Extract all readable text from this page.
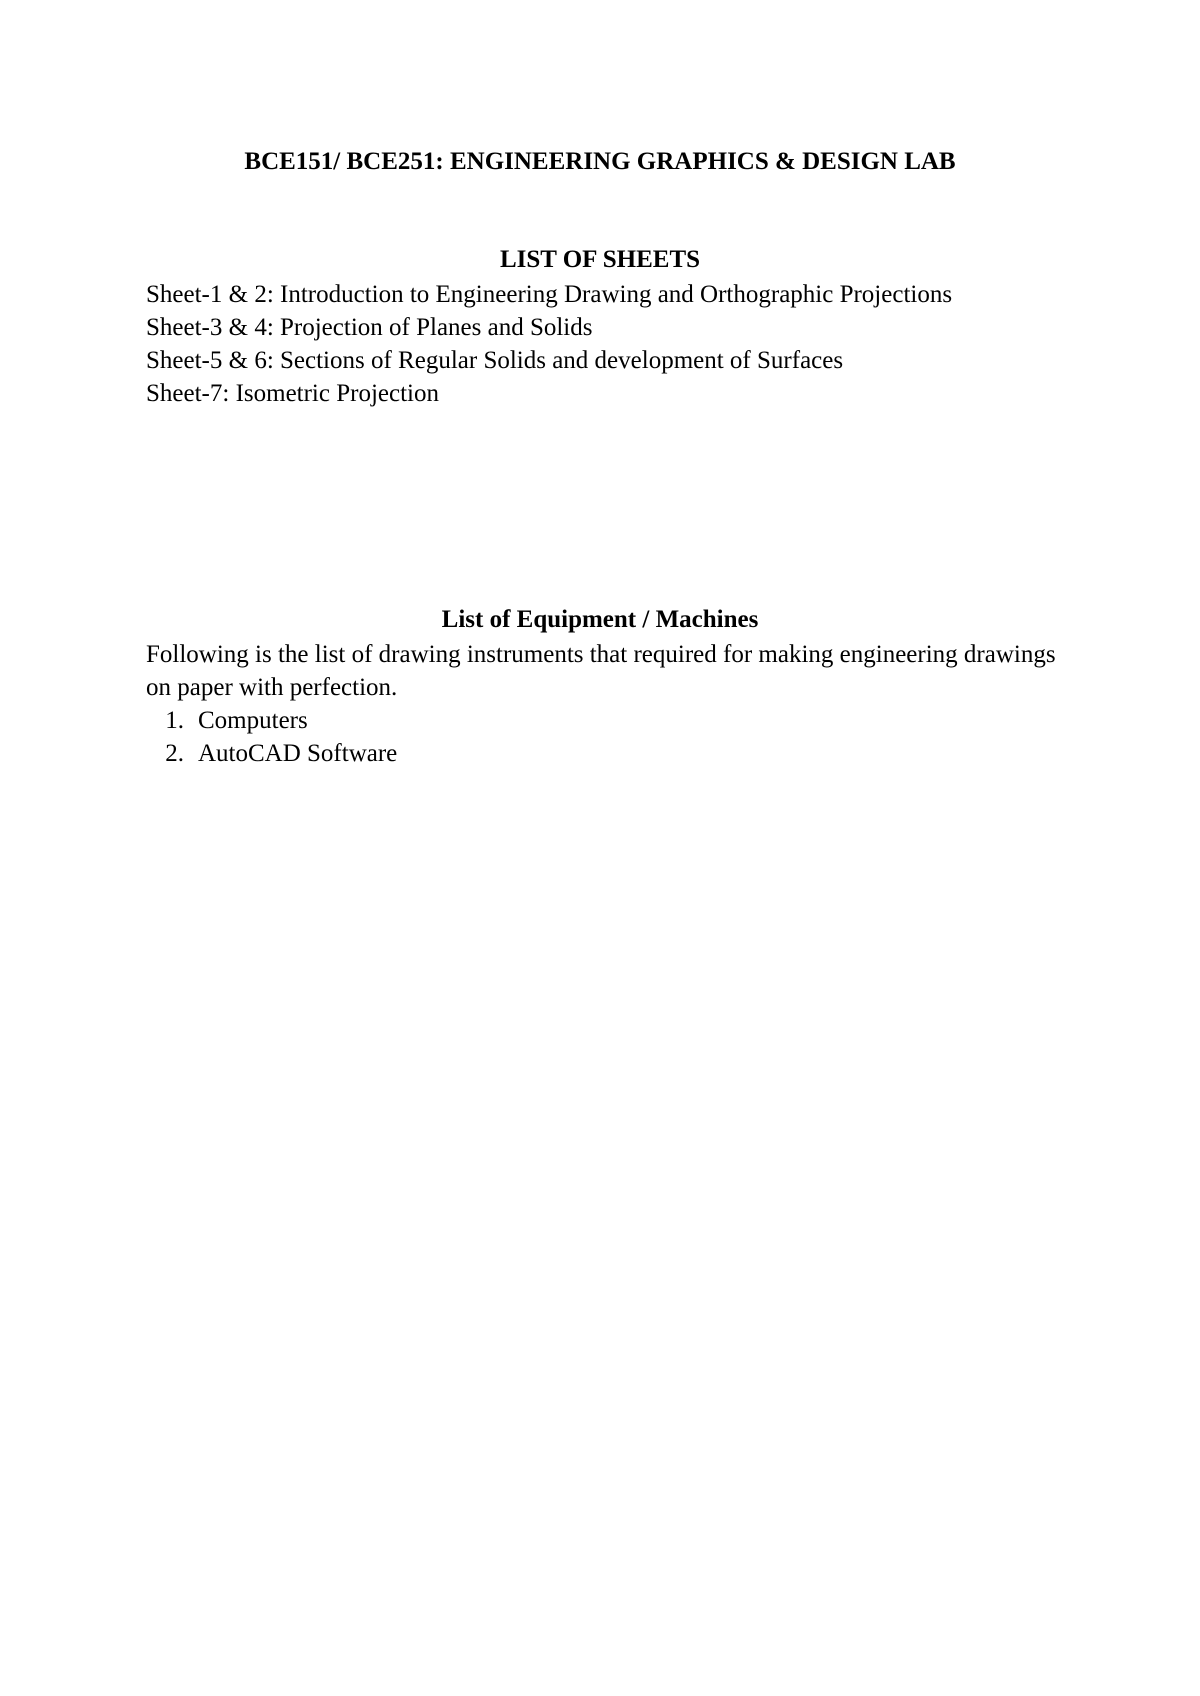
BCE151/ BCE251: ENGINEERING GRAPHICS & DESIGN LAB
LIST OF SHEETS
Sheet-1 & 2: Introduction to Engineering Drawing and Orthographic Projections
Sheet-3 & 4: Projection of Planes and Solids
Sheet-5 & 6: Sections of Regular Solids and development of Surfaces
Sheet-7: Isometric Projection
List of Equipment / Machines

Following is the list of drawing instruments that required for making engineering drawings on paper with perfection.

1. Computers
2. AutoCAD Software
